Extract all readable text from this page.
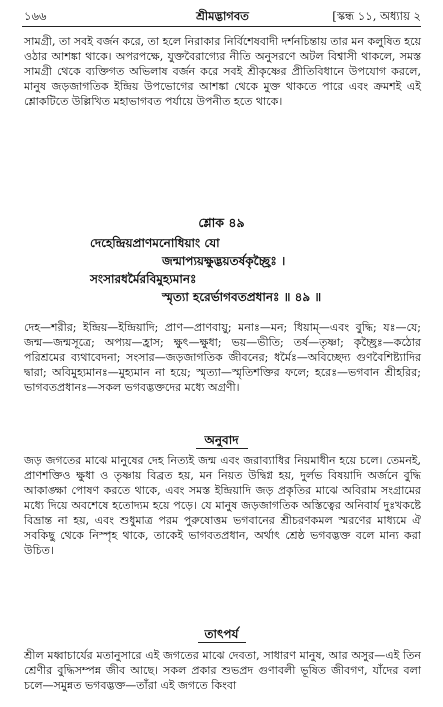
১৬৬	শ্রীমদ্ভাগবত	[স্কন্ধ ১১, অধ্যায় ২

সামগ্রী, তা সবই বর্জন করে, তা হলে নিরাকার নির্বিশেষবাদী দর্শনচিন্তায় তার মন কলুষিত হয়ে ওঠার আশঙ্কা থাকে। অপরপক্ষে, যুক্তবৈরাগ্যের নীতি অনুসরণে অটল বিশ্বাসী থাকলে, সমস্ত সামগ্রী থেকে ব্যক্তিগত অভিলাষ বর্জন করে সবই শ্রীকৃষ্ণের প্রীতিবিধানে উপযোগ করলে, মানুষ জড়জাগতিক ইন্দ্রিয় উপভোগের আশঙ্কা থেকে মুক্ত থাকতে পারে এবং ক্রমশই এই শ্লোকটিতে উল্লিখিত মহাভাগবত পর্যায়ে উপনীত হতে থাকে।

শ্লোক ৪৯
দেহেন্দ্রিয়প্রাণমনোধিয়াং যো
জন্মাপ্যয়ক্ষুদ্ভয়তর্ষকৃচ্ছ্রৈঃ ।
সংসারধর্মৈরবিমুহ্যমানঃ
স্মৃত্যা হরের্ভাগবতপ্রধানঃ ॥ ৪৯ ॥

দেহ—শরীর; ইন্দ্রিয়—ইন্দ্রিয়াদি; প্রাণ—প্রাণবায়ু; মনাঃ—মন; ধিয়াম্—এবং বুদ্ধি; যঃ—যে; জন্ম—জন্মসূত্রে; অপ্যয়—হ্রাস; ক্ষুৎ—ক্ষুধা; ভয়—ভীতি; তর্ষ—তৃষ্ণা; কৃচ্ছ্রৈঃ—কঠোর পরিশ্রমের ব্যথাবেদনা; সংসার—জড়জাগতিক জীবনের; ধর্মৈঃ—অবিচ্ছেদ্য গুণবৈশিষ্ট্যাদির দ্বারা; অবিমুহ্যমানঃ—মুহ্যমান না হয়ে; স্মৃত্যা—স্মৃতিশক্তির ফলে; হরেঃ—ভগবান শ্রীহরির; ভাগবতপ্রধানঃ—সকল ভগবদ্ভক্তদের মধ্যে অগ্রণী।

অনুবাদ

জড় জগতের মাঝে মানুষের দেহ নিত্যই জন্ম এবং জরাব্যাধির নিয়মাধীন হয়ে চলে। তেমনই, প্রাণশক্তিও ক্ষুধা ও তৃষ্ণায় বিব্রত হয়, মন নিয়ত উদ্বিগ্ন হয়, দুর্লভ বিষয়াদি অর্জনে বুদ্ধি আকাঙ্ক্ষা পোষণ করতে থাকে, এবং সমস্ত ইন্দ্রিয়াদি জড় প্রকৃতির মাঝে অবিরাম সংগ্রামের মধ্যে দিয়ে অবশেষে হতোদ্যম হয়ে পড়ে। যে মানুষ জড়জাগতিক অস্তিত্বের অনিবার্য দুঃখকষ্টে বিভ্রান্ত না হয়, এবং শুধুমাত্র পরম পুরুষোত্তম ভগবানের শ্রীচরণকমল স্মরণের মাধ্যমে ঐ সবকিছু থেকে নিস্পৃহ থাকে, তাকেই ভাগবতপ্রধান, অর্থাৎ শ্রেষ্ঠ ভগবদ্ভক্ত বলে মান্য করা উচিত।

তাৎপর্য

শ্রীল মধ্বাচার্যের মতানুসারে এই জগতের মাঝে দেবতা, সাধারণ মানুষ, আর অসুর—এই তিন শ্রেণীর বুদ্ধিসম্পন্ন জীব আছে। সকল প্রকার শুভপ্রদ গুণাবলী ভূষিত জীবগণ, যাঁদের বলা চলে—সমুন্নত ভগবদ্ভক্ত—তাঁরা এই জগতে কিংবা
